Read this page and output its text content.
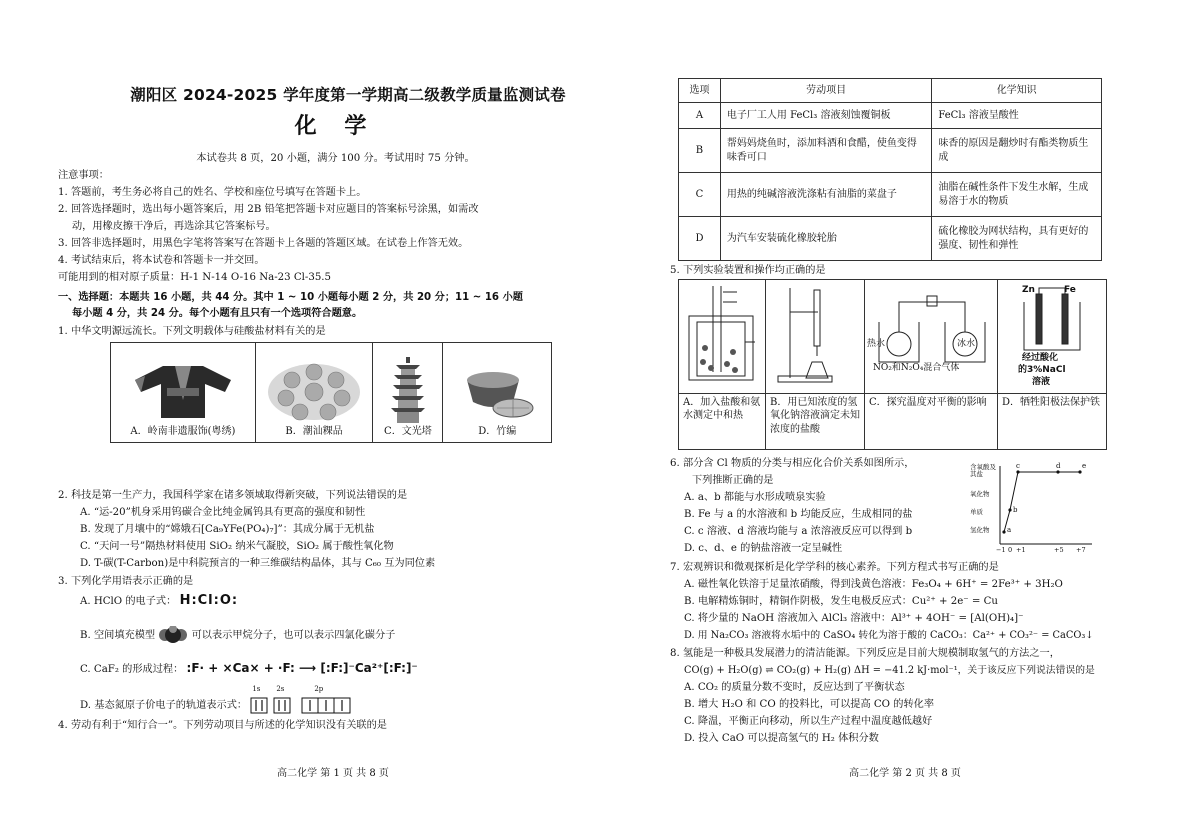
潮阳区 2024-2025 学年度第一学期高二级教学质量监测试卷
化 学
本试卷共 8 页，20 小题，满分 100 分。考试用时 75 分钟。
注意事项：
1. 答题前，考生务必将自己的姓名、学校和座位号填写在答题卡上。
2. 回答选择题时，选出每小题答案后，用 2B 铅笔把答题卡对应题目的答案标号涂黑，如需改
动，用橡皮擦干净后，再选涂其它答案标号。
3. 回答非选择题时，用黑色字笔将答案写在答题卡上各题的答题区域。在试卷上作答无效。
4. 考试结束后，将本试卷和答题卡一并交回。
可能用到的相对原子质量：H-1 N-14 O-16 Na-23 Cl-35.5
一、选择题：本题共 16 小题，共 44 分。其中 1 ~ 10 小题每小题 2 分，共 20 分；11 ~ 16 小题
每小题 4 分，共 24 分。每个小题有且只有一个选项符合题意。
1. 中华文明源远流长。下列文明载体与硅酸盐材料有关的是
A．岭南非遗服饰(粤绣)	B．潮汕粿品	C．文光塔	D．竹编
2. 科技是第一生产力，我国科学家在诸多领域取得新突破，下列说法错误的是
A. “运-20”机身采用钨碳合金比纯金属钨具有更高的强度和韧性
B. 发现了月壤中的“嫦娥石[Ca₉YFe(PO₄)₇]”：其成分属于无机盐
C. “天问一号”隔热材料使用 SiO₂ 纳米气凝胶，SiO₂ 属于酸性氧化物
D. T-碳(T-Carbon)是中科院预言的一种三维碳结构晶体，其与 C₆₀ 互为同位素
3. 下列化学用语表示正确的是
A. HClO 的电子式： H:Cl:O:
B. 空间填充模型	可以表示甲烷分子，也可以表示四氯化碳分子
C. CaF₂ 的形成过程： :F· + ×Ca× + ·F: ⟶ [:F:]⁻Ca²⁺[:F:]⁻
D. 基态氮原子价电子的轨道表示式：
1s 2s	2p
4. 劳动有利于“知行合一”。下列劳动项目与所述的化学知识没有关联的是
高二化学 第 1 页 共 8 页
选项	劳动项目	化学知识
A	电子厂工人用 FeCl₃ 溶液刻蚀覆铜板	FeCl₃ 溶液呈酸性
B	帮妈妈烧鱼时，添加料酒和食醋，使鱼变得味香可口	味香的原因是翻炒时有酯类物质生成
C	用热的纯碱溶液洗涤粘有油脂的菜盘子	油脂在碱性条件下发生水解，生成易溶于水的物质
D	为汽车安装硫化橡胶轮胎	硫化橡胶为网状结构，具有更好的强度、韧性和弹性
5. 下列实验装置和操作均正确的是

热水 冰水
NO₂和N₂O₄混合气体	Zn Fe
经过酸化
的3%NaCl
溶液

A．加入盐酸和氨水测定中和热	B．用已知浓度的氢氧化钠溶液滴定未知浓度的盐酸	C．探究温度对平衡的影响	D．牺牲阳极法保护铁
6. 部分含 Cl 物质的分类与相应化合价关系如图所示，
下列推断正确的是
A. a、b 都能与水形成喷泉实验
B. Fe 与 a 的水溶液和 b 均能反应，生成相同的盐
C. c 溶液、d 溶液均能与 a 浓溶液反应可以得到 b
D. c、d、e 的钠盐溶液一定呈碱性
含氧酸及其盐
氧化物
单质
氢化物
−1 0 +1	+5 +7
a
b
c	d	e
7. 宏观辨识和微观探析是化学学科的核心素养。下列方程式书写正确的是
A. 磁性氧化铁溶于足量浓硝酸，得到浅黄色溶液：Fe₃O₄ + 6H⁺ = 2Fe³⁺ + 3H₂O
B. 电解精炼铜时，精铜作阴极，发生电极反应式：Cu²⁺ + 2e⁻ = Cu
C. 将少量的 NaOH 溶液加入 AlCl₃ 溶液中：Al³⁺ + 4OH⁻ = [Al(OH)₄]⁻
D. 用 Na₂CO₃ 溶液将水垢中的 CaSO₄ 转化为溶于酸的 CaCO₃：Ca²⁺ + CO₃²⁻ = CaCO₃↓
8. 氢能是一种极具发展潜力的清洁能源。下列反应是目前大规模制取氢气的方法之一，
CO(g) + H₂O(g) ⇌ CO₂(g) + H₂(g) ΔH = −41.2 kJ·mol⁻¹，关于该反应下列说法错误的是
A. CO₂ 的质量分数不变时，反应达到了平衡状态
B. 增大 H₂O 和 CO 的投料比，可以提高 CO 的转化率
C. 降温，平衡正向移动，所以生产过程中温度越低越好
D. 投入 CaO 可以提高氢气的 H₂ 体积分数
高二化学 第 2 页 共 8 页
